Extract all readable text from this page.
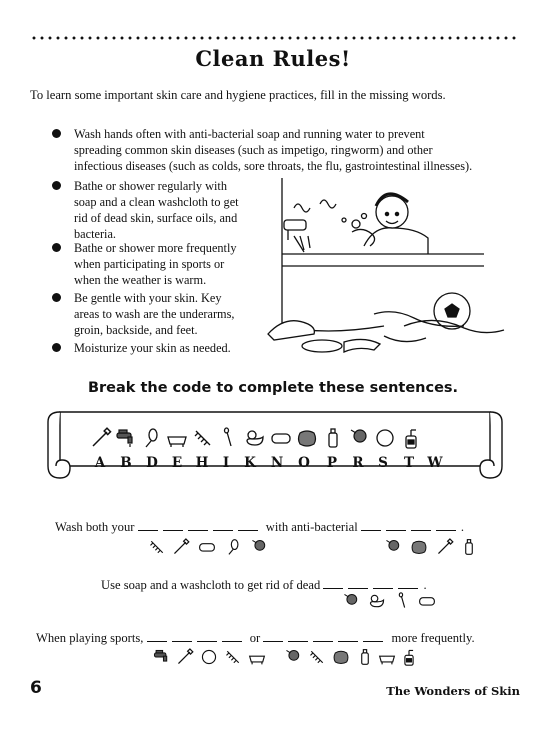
Clean Rules!
To learn some important skin care and hygiene practices, fill in the missing words.
Wash hands often with anti-bacterial soap and running water to prevent
spreading common skin diseases (such as impetigo, ringworm) and other
infectious diseases (such as colds, sore throats, the flu, gastrointestinal illnesses).
Bathe or shower regularly with
soap and a clean washcloth to get
rid of dead skin, surface oils, and
bacteria.
Bathe or shower more frequently
when participating in sports or
when the weather is warm.
Be gentle with your skin. Key
areas to wash are the underarms,
groin, backside, and feet.
Moisturize your skin as needed.
Break the code to complete these sentences.
A	B	D	E H	I	K	N	O	P	R	S	T W
Wash both your	with anti-bacterial	.
Use soap and a washcloth to get rid of dead	.
When playing sports,	or	more frequently.
6	The Wonders of Skin
